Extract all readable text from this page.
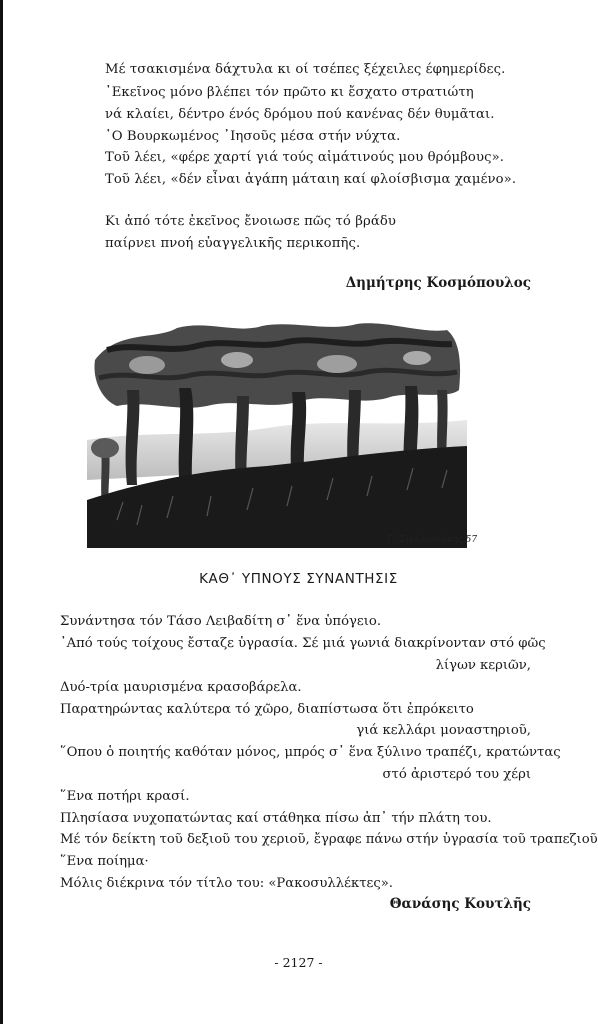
Μέ τσακισμένα δάχτυλα κι οί τσέπες ξέχειλες έφημερίδες.
᾽Εκεῖνος μόνο βλέπει τόν πρῶτο κι ἔσχατο στρατιώτη
νά κλαίει, δέντρο ένός δρόμου πού κανένας δέν θυμᾶται.
῾Ο Βουρκωμένος ᾽Ιησοῦς μέσα στήν νύχτα.
Τοῦ λέει, «φέρε χαρτί γιά τούς αἱμάτινούς μου θρόμβους».
Τοῦ λέει, «δέν εἶναι ἀγάπη μάταιη καί φλοίσβισμα χαμένο».
Κι ἀπό τότε ἐκεῖνος ἔνοιωσε πῶς τό βράδυ
παίρνει πνοή εὐαγγελικῆς περικοπῆς.
Δημήτρης Κοσμόπουλος
Γ. Σικελιανάκης 57
ΚΑΘ᾽ ΥΠΝΟΥΣ ΣΥΝΑΝΤΗΣΙΣ
Συνάντησα τόν Τάσο Λειβαδίτη σ᾽ ἕνα ὑπόγειο.
᾽Από τούς τοίχους ἔσταζε ὑγρασία. Σέ μιά γωνιά διακρίνονταν στό φῶς
λίγων κεριῶν,
Δυό-τρία μαυρισμένα κρασοβάρελα.
Παρατηρώντας καλύτερα τό χῶρο, διαπίστωσα ὅτι ἐπρόκειτο
γιά κελλάρι μοναστηριοῦ,
῞Οπου ὁ ποιητής καθόταν μόνος, μπρός σ᾽ ἕνα ξύλινο τραπέζι, κρατώντας
στό ἀριστερό του χέρι
῞Ενα ποτήρι κρασί.
Πλησίασα νυχοπατώντας καί στάθηκα πίσω ἀπ᾽ τήν πλάτη του.
Μέ τόν δείκτη τοῦ δεξιοῦ του χεριοῦ, ἔγραφε πάνω στήν ὑγρασία τοῦ τραπεζιοῦ
῞Ενα ποίημα·
Μόλις διέκρινα τόν τίτλο του: «Ρακοσυλλέκτες».
Θανάσης Κουτλῆς
- 2127 -
